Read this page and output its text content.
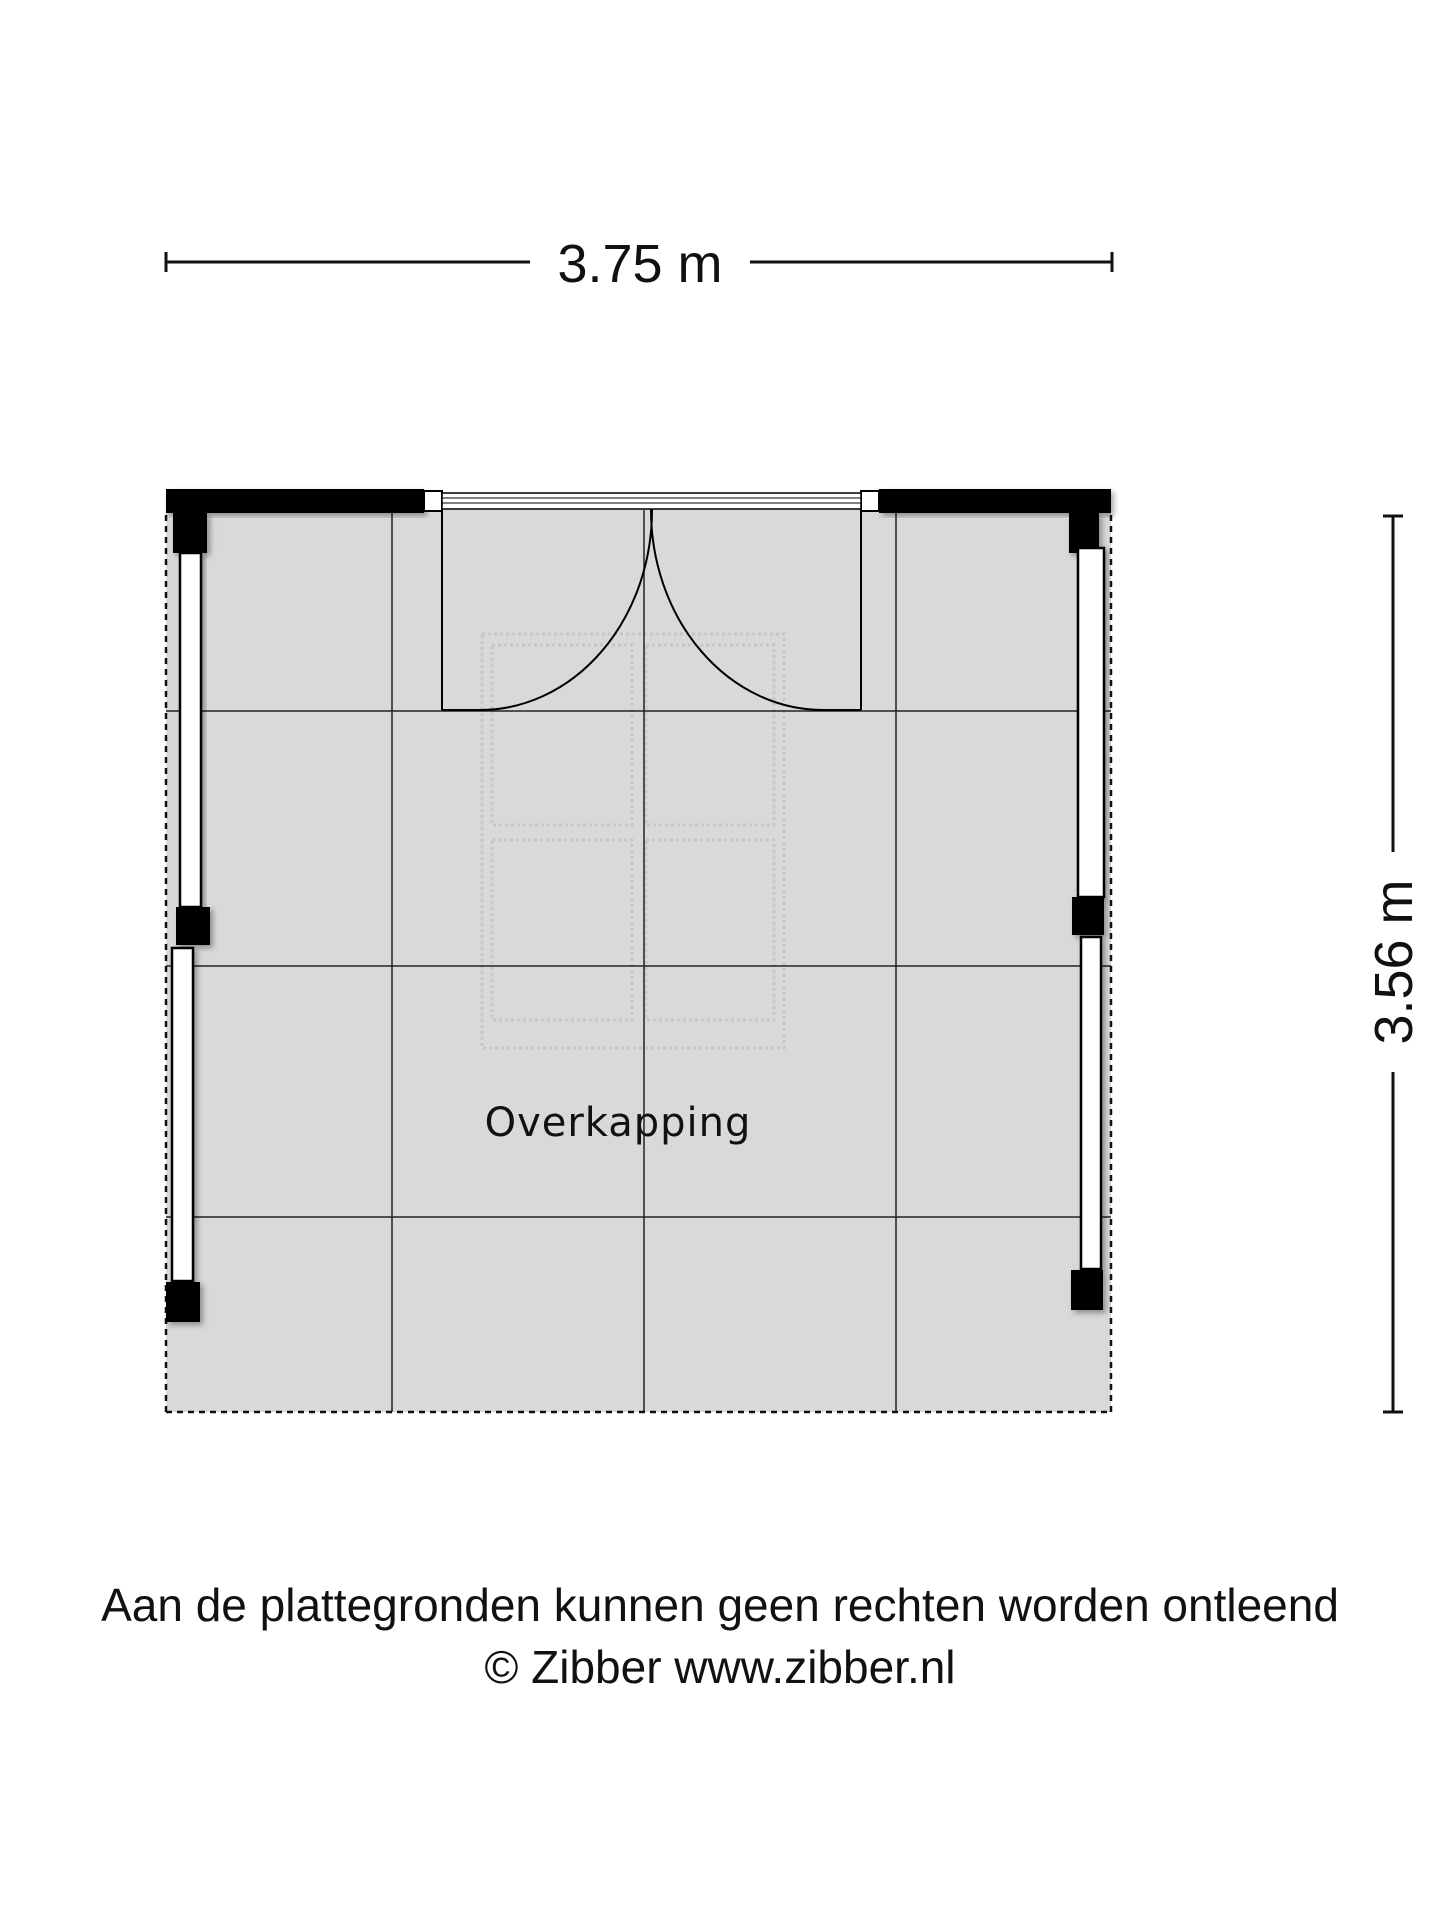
3.75 m
3.56 m
Overkapping
Aan de plattegronden kunnen geen rechten worden ontleend
© Zibber www.zibber.nl
